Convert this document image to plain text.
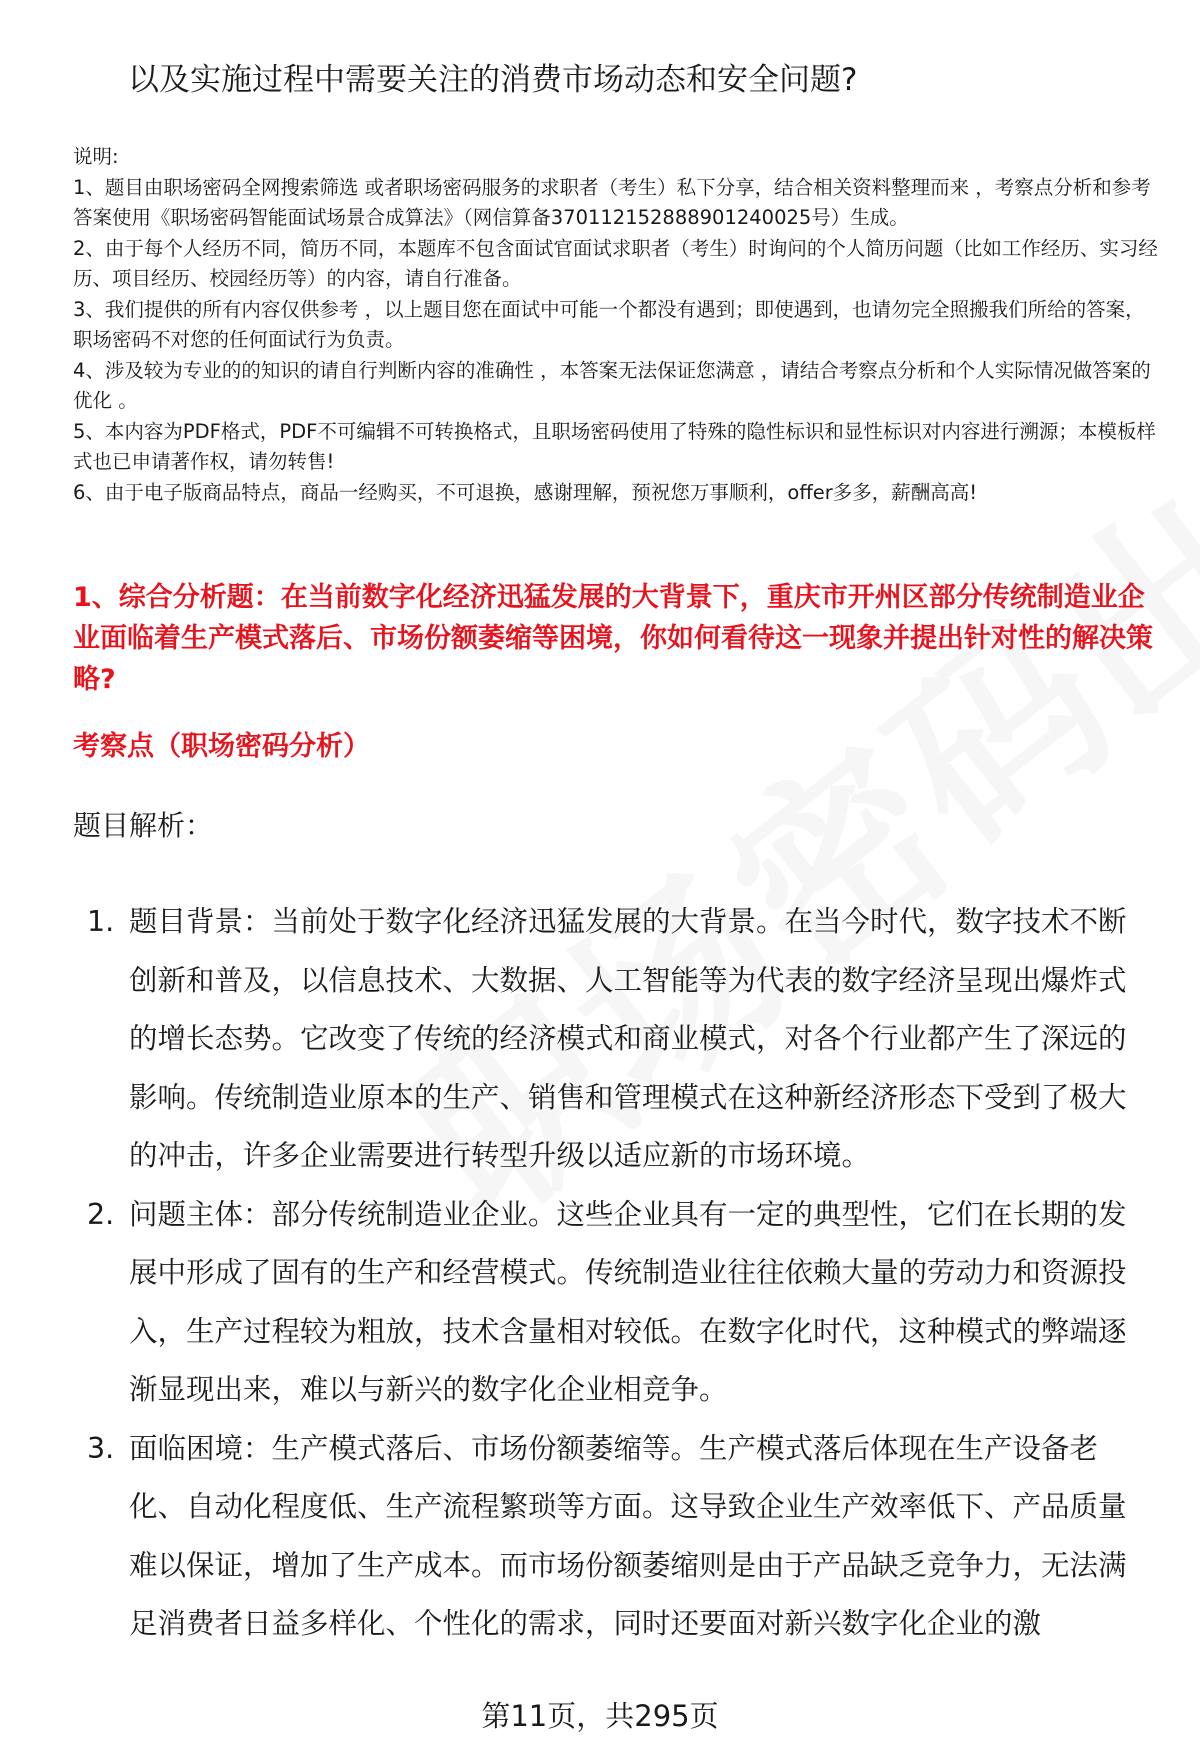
以及实施过程中需要关注的消费市场动态和安全问题?

说明:

1、题目由职场密码全网搜索筛选 或者职场密码服务的求职者（考生）私下分享，结合相关资料整理而来 ，考察点分析和参考答案使用《职场密码智能面试场景合成算法》（网信算备370112152888901240025号）生成。

2、由于每个人经历不同，简历不同，本题库不包含面试官面试求职者（考生）时询问的个人简历问题（比如工作经历、实习经历、项目经历、校园经历等）的内容，请自行准备。

3、我们提供的所有内容仅供参考 ，以上题目您在面试中可能一个都没有遇到；即使遇到，也请勿完全照搬我们所给的答案，职场密码不对您的任何面试行为负责。

4、涉及较为专业的的知识的请自行判断内容的准确性 ，本答案无法保证您满意 ，请结合考察点分析和个人实际情况做答案的优化 。

5、本内容为PDF格式，PDF不可编辑不可转换格式，且职场密码使用了特殊的隐性标识和显性标识对内容进行溯源；本模板样式也已申请著作权，请勿转售!

6、由于电子版商品特点，商品一经购买，不可退换，感谢理解，预祝您万事顺利，offer多多，薪酬高高!

1、综合分析题：在当前数字化经济迅猛发展的大背景下，重庆市开州区部分传统制造业企业面临着生产模式落后、市场份额萎缩等困境，你如何看待这一现象并提出针对性的解决策略?
考察点（职场密码分析）
题目解析：
1. 题目背景：当前处于数字化经济迅猛发展的大背景。在当今时代，数字技术不断创新和普及，以信息技术、大数据、人工智能等为代表的数字经济呈现出爆炸式的增长态势。它改变了传统的经济模式和商业模式，对各个行业都产生了深远的影响。传统制造业原本的生产、销售和管理模式在这种新经济形态下受到了极大的冲击，许多企业需要进行转型升级以适应新的市场环境。
2. 问题主体：部分传统制造业企业。这些企业具有一定的典型性，它们在长期的发展中形成了固有的生产和经营模式。传统制造业往往依赖大量的劳动力和资源投入，生产过程较为粗放，技术含量相对较低。在数字化时代，这种模式的弊端逐渐显现出来，难以与新兴的数字化企业相竞争。
3. 面临困境：生产模式落后、市场份额萎缩等。生产模式落后体现在生产设备老化、自动化程度低、生产流程繁琐等方面。这导致企业生产效率低下、产品质量难以保证，增加了生产成本。而市场份额萎缩则是由于产品缺乏竞争力，无法满足消费者日益多样化、个性化的需求，同时还要面对新兴数字化企业的激
第11页，共295页
